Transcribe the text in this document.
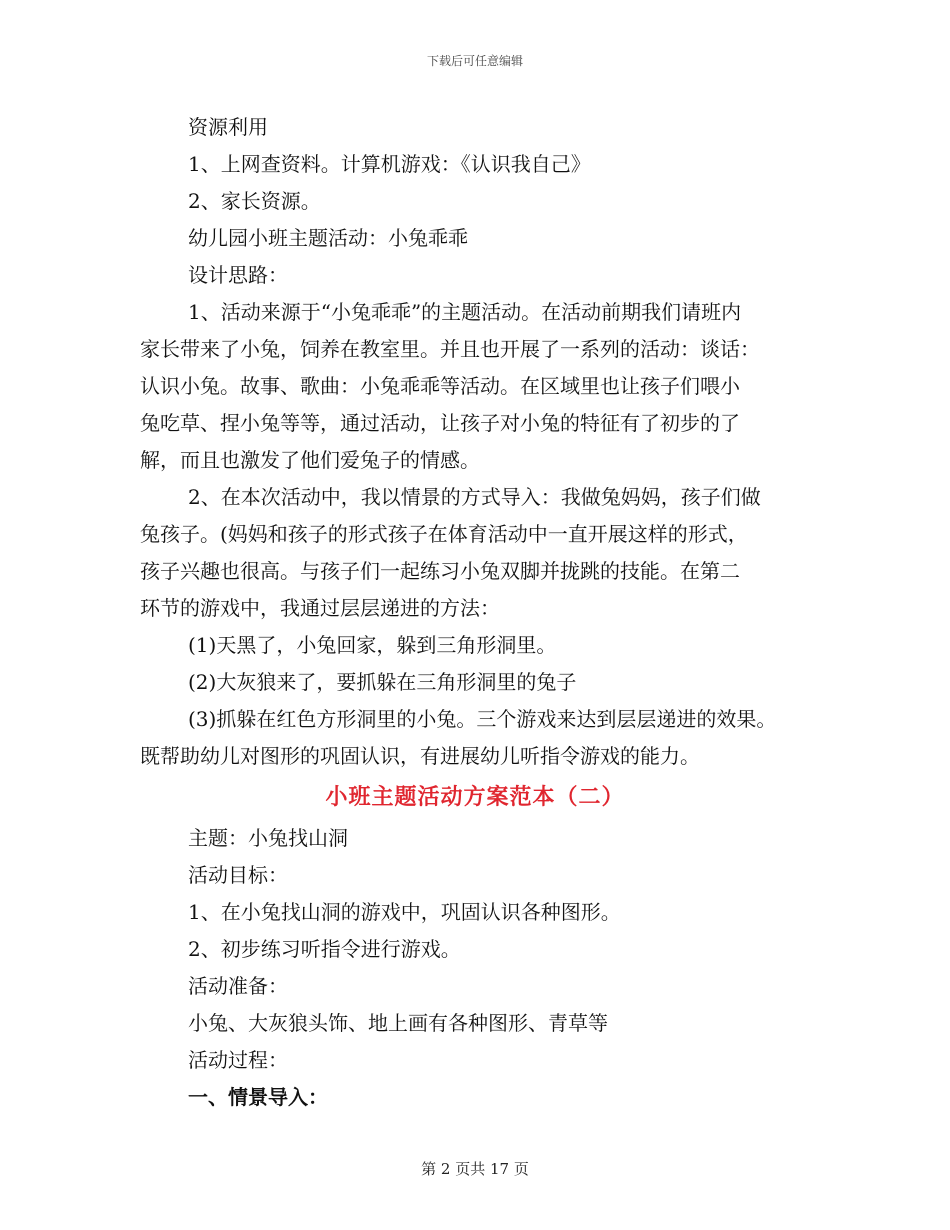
下载后可任意编辑
资源利用
1、上网查资料。计算机游戏：《认识我自己》
2、家长资源。
幼儿园小班主题活动：小兔乖乖
设计思路：
1、活动来源于“小兔乖乖”的主题活动。在活动前期我们请班内
家长带来了小兔，饲养在教室里。并且也开展了一系列的活动：谈话：
认识小兔。故事、歌曲：小兔乖乖等活动。在区域里也让孩子们喂小
兔吃草、捏小兔等等，通过活动，让孩子对小兔的特征有了初步的了
解，而且也激发了他们爱兔子的情感。
2、在本次活动中，我以情景的方式导入：我做兔妈妈，孩子们做
兔孩子。(妈妈和孩子的形式孩子在体育活动中一直开展这样的形式，
孩子兴趣也很高。与孩子们一起练习小兔双脚并拢跳的技能。在第二
环节的游戏中，我通过层层递进的方法：
(1)天黑了，小兔回家，躲到三角形洞里。
(2)大灰狼来了，要抓躲在三角形洞里的兔子
(3)抓躲在红色方形洞里的小兔。三个游戏来达到层层递进的效果。
既帮助幼儿对图形的巩固认识，有进展幼儿听指令游戏的能力。
小班主题活动方案范本（二）
主题：小兔找山洞
活动目标：
1、在小兔找山洞的游戏中，巩固认识各种图形。
2、初步练习听指令进行游戏。
活动准备：
小兔、大灰狼头饰、地上画有各种图形、青草等
活动过程：
一、情景导入：
第 2 页共 17 页
